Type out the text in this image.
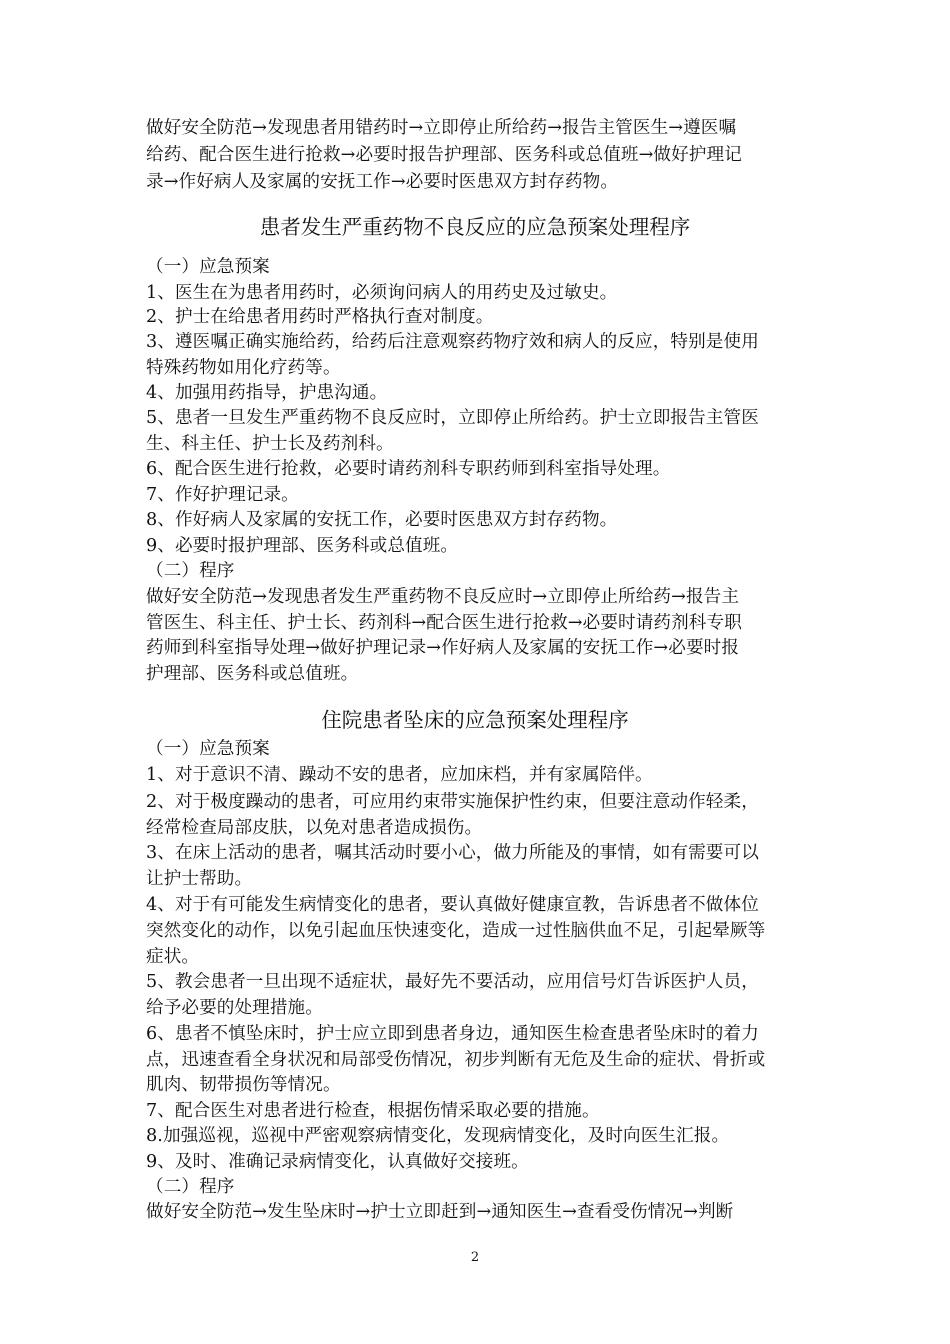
做好安全防范→发现患者用错药时→立即停止所给药→报告主管医生→遵医嘱
给药、配合医生进行抢救→必要时报告护理部、医务科或总值班→做好护理记
录→作好病人及家属的安抚工作→必要时医患双方封存药物。
患者发生严重药物不良反应的应急预案处理程序
（一）应急预案
1、医生在为患者用药时，必须询问病人的用药史及过敏史。
2、护士在给患者用药时严格执行查对制度。
3、遵医嘱正确实施给药，给药后注意观察药物疗效和病人的反应，特别是使用
特殊药物如用化疗药等。
4、加强用药指导，护患沟通。
5、患者一旦发生严重药物不良反应时，立即停止所给药。护士立即报告主管医
生、科主任、护士长及药剂科。
6、配合医生进行抢救，必要时请药剂科专职药师到科室指导处理。
7、作好护理记录。
8、作好病人及家属的安抚工作，必要时医患双方封存药物。
9、必要时报护理部、医务科或总值班。
（二）程序
做好安全防范→发现患者发生严重药物不良反应时→立即停止所给药→报告主
管医生、科主任、护士长、药剂科→配合医生进行抢救→必要时请药剂科专职
药师到科室指导处理→做好护理记录→作好病人及家属的安抚工作→必要时报
护理部、医务科或总值班。
住院患者坠床的应急预案处理程序
（一）应急预案
1、对于意识不清、躁动不安的患者，应加床档，并有家属陪伴。
2、对于极度躁动的患者，可应用约束带实施保护性约束，但要注意动作轻柔，
经常检查局部皮肤，以免对患者造成损伤。
3、在床上活动的患者，嘱其活动时要小心，做力所能及的事情，如有需要可以
让护士帮助。
4、对于有可能发生病情变化的患者，要认真做好健康宣教，告诉患者不做体位
突然变化的动作，以免引起血压快速变化，造成一过性脑供血不足，引起晕厥等
症状。
5、教会患者一旦出现不适症状，最好先不要活动，应用信号灯告诉医护人员，
给予必要的处理措施。
6、患者不慎坠床时，护士应立即到患者身边，通知医生检查患者坠床时的着力
点，迅速查看全身状况和局部受伤情况，初步判断有无危及生命的症状、骨折或
肌肉、韧带损伤等情况。
7、配合医生对患者进行检查，根据伤情采取必要的措施。
8.加强巡视，巡视中严密观察病情变化，发现病情变化，及时向医生汇报。
9、及时、准确记录病情变化，认真做好交接班。
（二）程序
做好安全防范→发生坠床时→护士立即赶到→通知医生→查看受伤情况→判断
2
